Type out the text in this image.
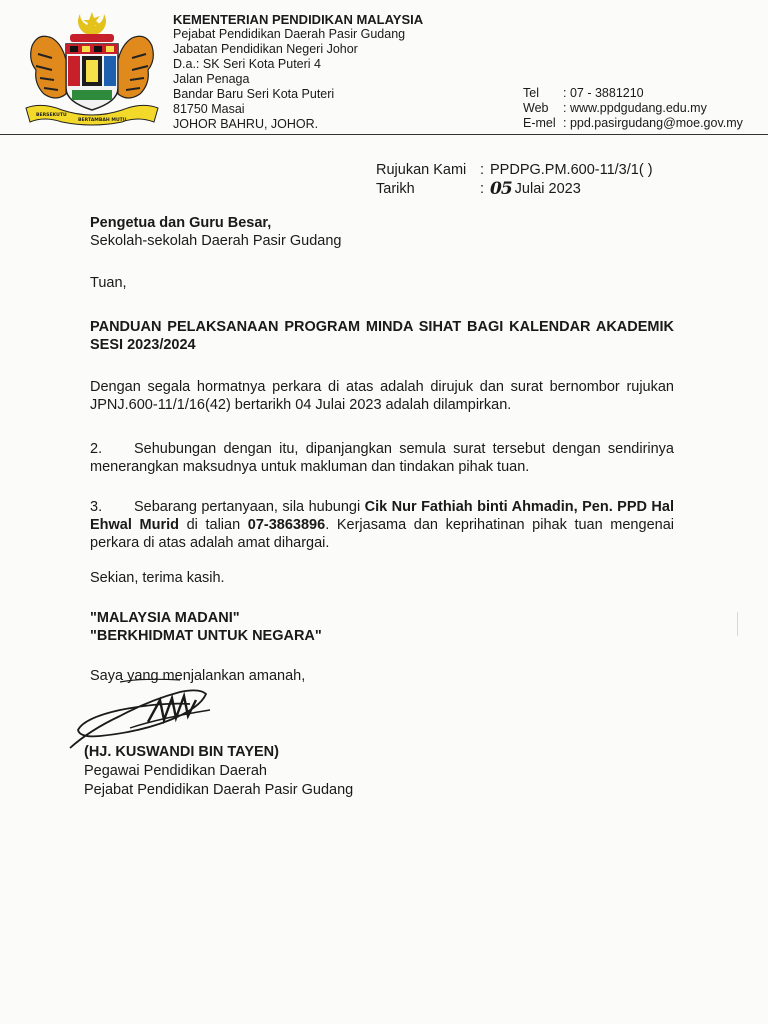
BERSEKUTU
BERTAMBAH MUTU
KEMENTERIAN PENDIDIKAN MALAYSIA
Pejabat Pendidikan Daerah Pasir Gudang
Jabatan Pendidikan Negeri Johor
D.a.: SK Seri Kota Puteri 4
Jalan Penaga
Bandar Baru Seri Kota Puteri
81750 Masai
JOHOR BAHRU, JOHOR.
Tel	: 07 - 3881210
Web	: www.ppdgudang.edu.my
E-mel : ppd.pasirgudang@moe.gov.my
Rujukan Kami : PPDPG.PM.600-11/3/1( )
Tarikh	: 05 Julai 2023
Pengetua dan Guru Besar,
Sekolah-sekolah Daerah Pasir Gudang
Tuan,
PANDUAN PELAKSANAAN PROGRAM MINDA SIHAT BAGI KALENDAR AKADEMIK SESI 2023/2024
Dengan segala hormatnya perkara di atas adalah dirujuk dan surat bernombor rujukan JPNJ.600-11/1/16(42) bertarikh 04 Julai 2023 adalah dilampirkan.
2. Sehubungan dengan itu, dipanjangkan semula surat tersebut dengan sendirinya menerangkan maksudnya untuk makluman dan tindakan pihak tuan.
3. Sebarang pertanyaan, sila hubungi Cik Nur Fathiah binti Ahmadin, Pen. PPD Hal Ehwal Murid di talian 07-3863896. Kerjasama dan keprihatinan pihak tuan mengenai perkara di atas adalah amat dihargai.
Sekian, terima kasih.
"MALAYSIA MADANI"
"BERKHIDMAT UNTUK NEGARA"
Saya yang menjalankan amanah,
(HJ. KUSWANDI BIN TAYEN)
Pegawai Pendidikan Daerah
Pejabat Pendidikan Daerah Pasir Gudang
